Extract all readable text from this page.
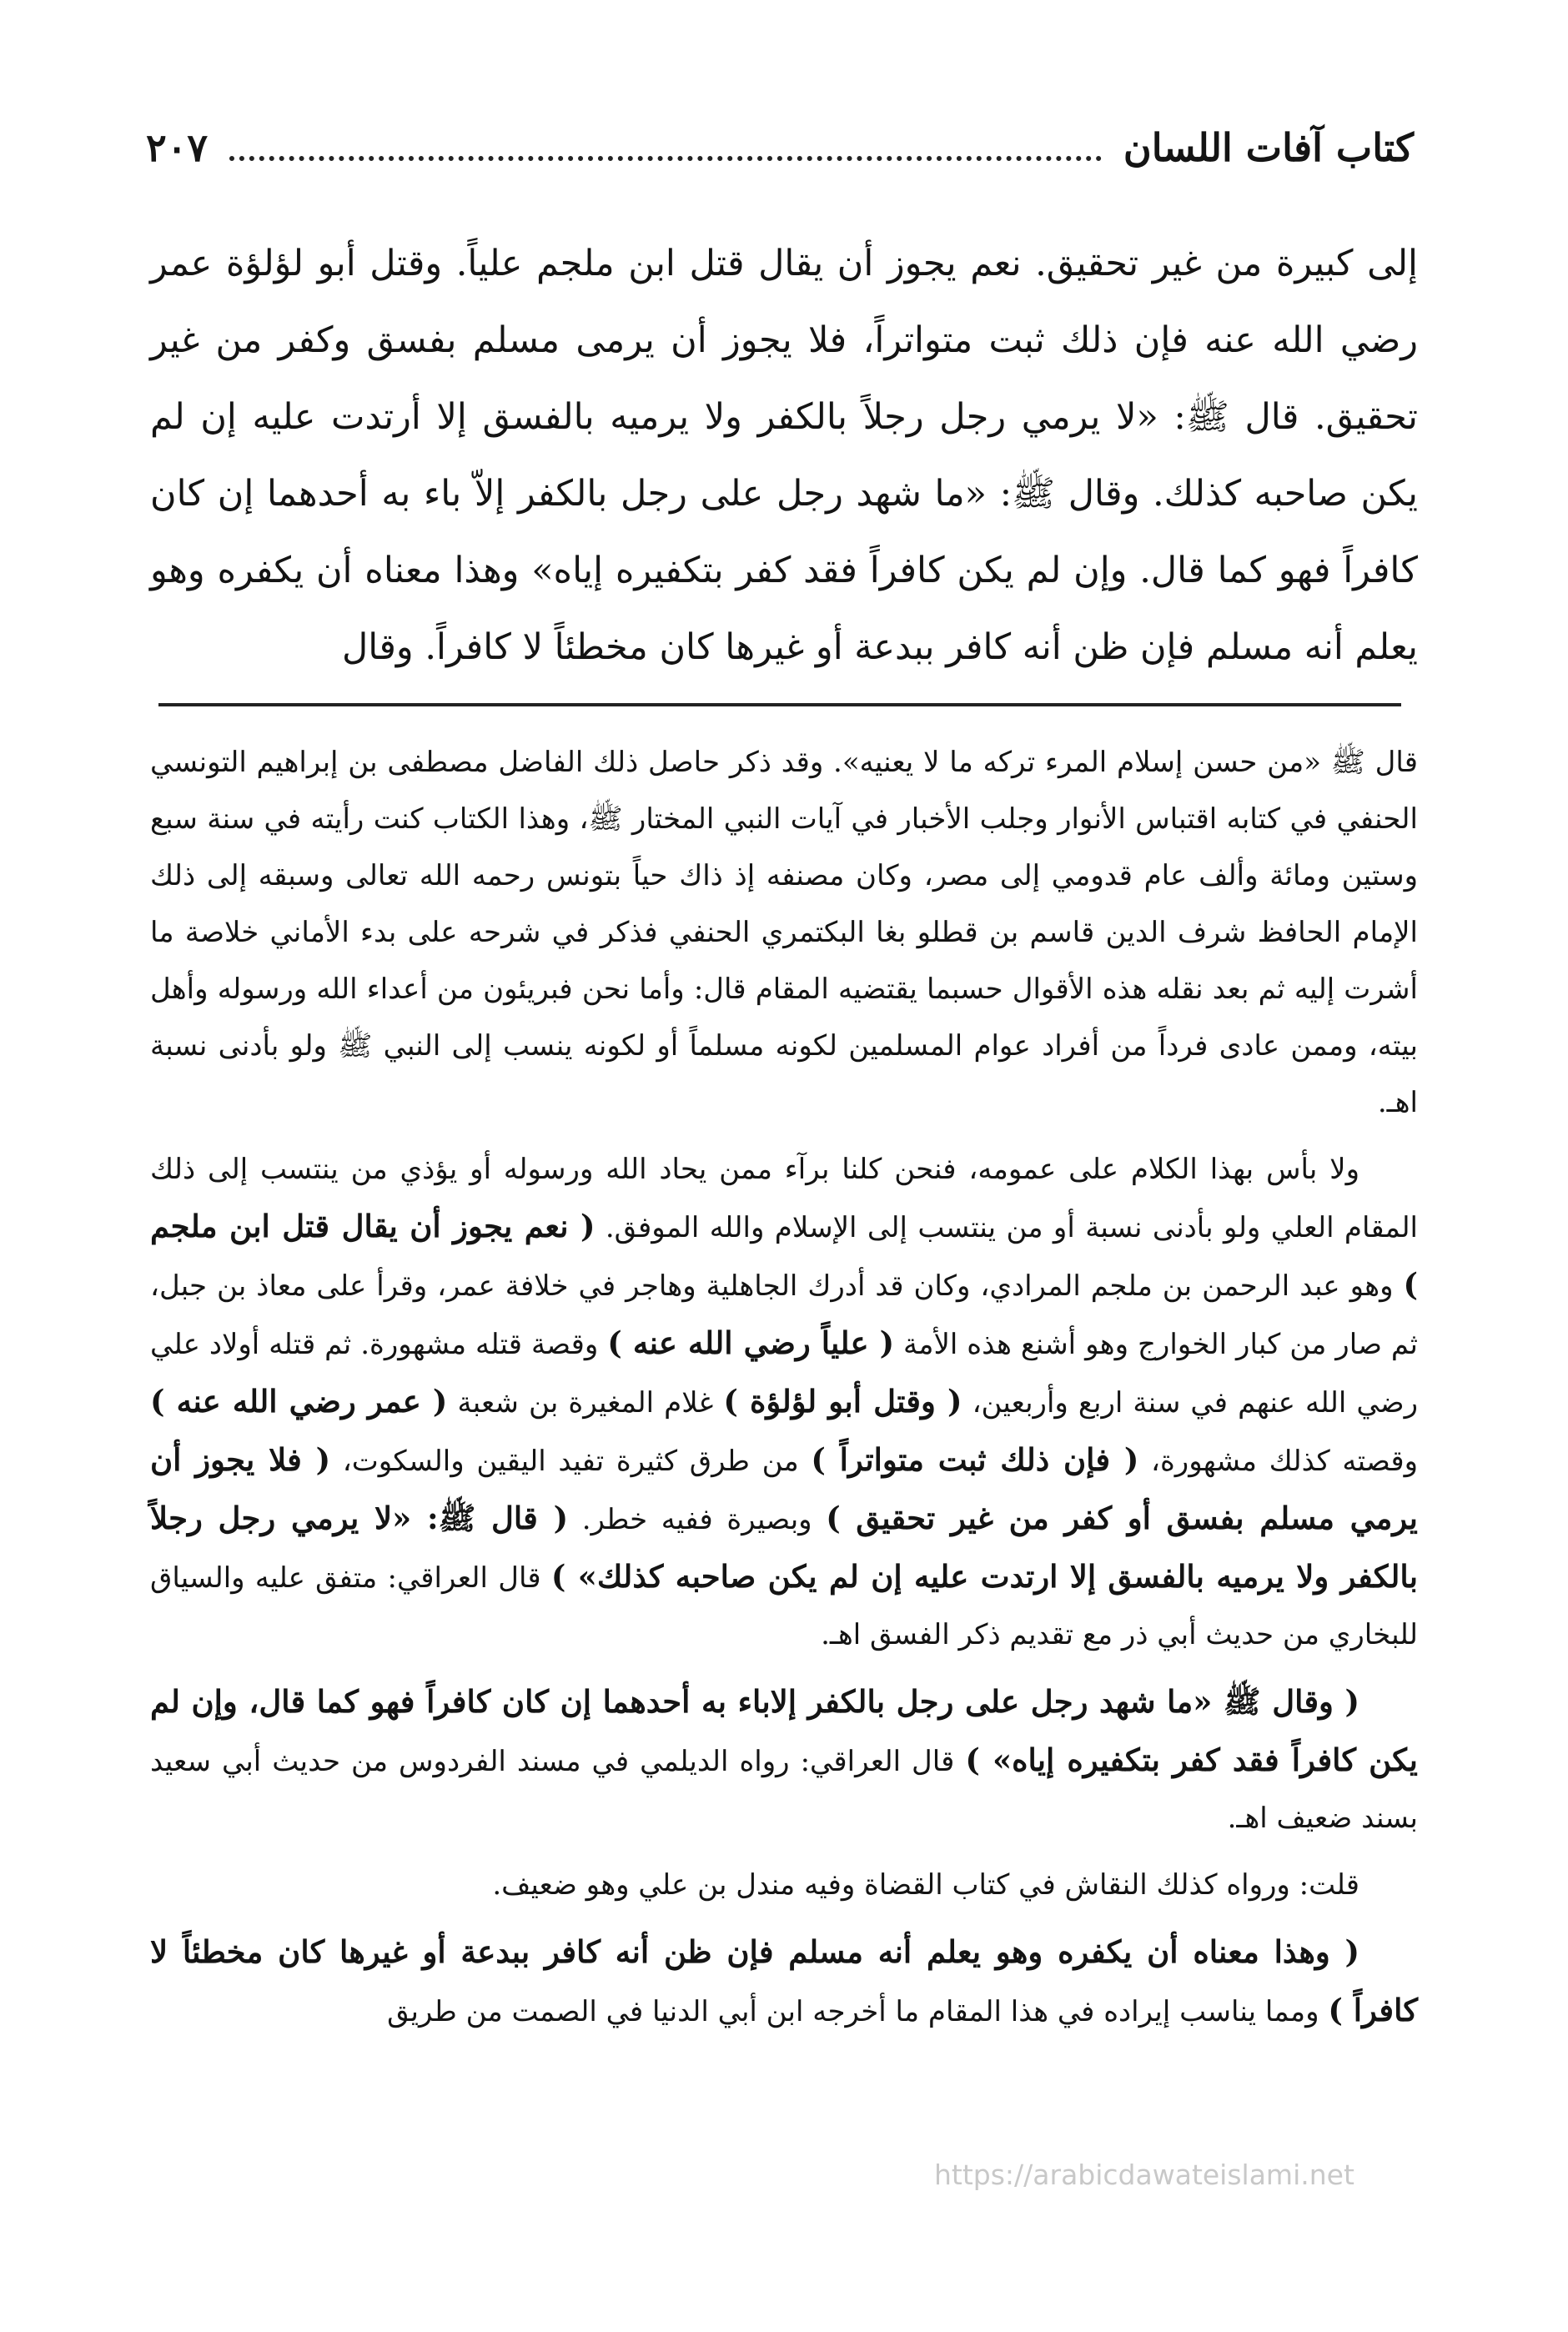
كتاب آفات اللسان
٢٠٧
إلى كبيرة من غير تحقيق. نعم يجوز أن يقال قتل ابن ملجم علياً. وقتل أبو لؤلؤة عمر رضي الله عنه فإن ذلك ثبت متواتراً، فلا يجوز أن يرمى مسلم بفسق وكفر من غير تحقيق. قال ﷺ: «لا يرمي رجل رجلاً بالكفر ولا يرميه بالفسق إلا أرتدت عليه إن لم يكن صاحبه كذلك. وقال ﷺ: «ما شهد رجل على رجل بالكفر إلاّ باء به أحدهما إن كان كافراً فهو كما قال. وإن لم يكن كافراً فقد كفر بتكفيره إياه» وهذا معناه أن يكفره وهو يعلم أنه مسلم فإن ظن أنه كافر ببدعة أو غيرها كان مخطئاً لا كافراً. وقال

قال ﷺ «من حسن إسلام المرء تركه ما لا يعنيه». وقد ذكر حاصل ذلك الفاضل مصطفى بن إبراهيم التونسي الحنفي في كتابه اقتباس الأنوار وجلب الأخبار في آيات النبي المختار ﷺ، وهذا الكتاب كنت رأيته في سنة سبع وستين ومائة وألف عام قدومي إلى مصر، وكان مصنفه إذ ذاك حياً بتونس رحمه الله تعالى وسبقه إلى ذلك الإمام الحافظ شرف الدين قاسم بن قطلو بغا البكتمري الحنفي فذكر في شرحه على بدء الأماني خلاصة ما أشرت إليه ثم بعد نقله هذه الأقوال حسبما يقتضيه المقام قال: وأما نحن فبريئون من أعداء الله ورسوله وأهل بيته، وممن عادى فرداً من أفراد عوام المسلمين لكونه مسلماً أو لكونه ينسب إلى النبي ﷺ ولو بأدنى نسبة اهـ.

ولا بأس بهذا الكلام على عمومه، فنحن كلنا برآء ممن يحاد الله ورسوله أو يؤذي من ينتسب إلى ذلك المقام العلي ولو بأدنى نسبة أو من ينتسب إلى الإسلام والله الموفق. ( نعم يجوز أن يقال قتل ابن ملجم ) وهو عبد الرحمن بن ملجم المرادي، وكان قد أدرك الجاهلية وهاجر في خلافة عمر، وقرأ على معاذ بن جبل، ثم صار من كبار الخوارج وهو أشنع هذه الأمة ( علياً رضي الله عنه ) وقصة قتله مشهورة. ثم قتله أولاد علي رضي الله عنهم في سنة اربع وأربعين، ( وقتل أبو لؤلؤة ) غلام المغيرة بن شعبة ( عمر رضي الله عنه ) وقصته كذلك مشهورة، ( فإن ذلك ثبت متواتراً ) من طرق كثيرة تفيد اليقين والسكوت، ( فلا يجوز أن يرمي مسلم بفسق أو كفر من غير تحقيق ) وبصيرة ففيه خطر. ( قال ﷺ: «لا يرمي رجل رجلاً بالكفر ولا يرميه بالفسق إلا ارتدت عليه إن لم يكن صاحبه كذلك» ) قال العراقي: متفق عليه والسياق للبخاري من حديث أبي ذر مع تقديم ذكر الفسق اهـ.

( وقال ﷺ «ما شهد رجل على رجل بالكفر إلاباء به أحدهما إن كان كافراً فهو كما قال، وإن لم يكن كافراً فقد كفر بتكفيره إياه» ) قال العراقي: رواه الديلمي في مسند الفردوس من حديث أبي سعيد بسند ضعيف اهـ.

قلت: ورواه كذلك النقاش في كتاب القضاة وفيه مندل بن علي وهو ضعيف.

( وهذا معناه أن يكفره وهو يعلم أنه مسلم فإن ظن أنه كافر ببدعة أو غيرها كان مخطئاً لا كافراً ) ومما يناسب إيراده في هذا المقام ما أخرجه ابن أبي الدنيا في الصمت من طريق

https://arabicdawateislami.net
